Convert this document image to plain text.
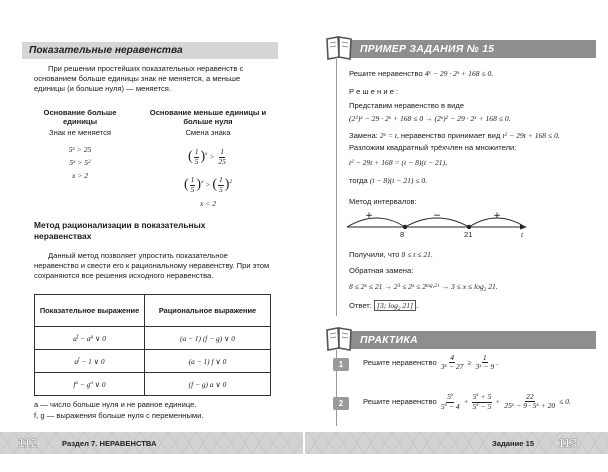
Показательные неравенства

При решении простейших показательных неравенств с основанием больше единицы знак не меняется, а меньше единицы (и больше нуля) — меняется.

Основание больше единицы
Знак не меняется
$5^x > 25$
$5^x > 5^2$
x > 2
Основание меньше единицы и больше нуля
Смена знака
( $\frac{1}{5} )^x > \frac{1}{25}$
( $\frac{1}{5} )^x$ > ( $\frac{1}{5} )^2$
x < 2
Метод рационализации в показательных неравенствах

Данный метод позволяет упростить показательное неравенство и свести его к рациональному неравенству. При этом сохраняются все решения исходного неравенства.

Показательное выражение	Рациональное выражение
$a^f - a^g$ ∨ 0	(a − 1) (f − g) ∨ 0
$a^f - 1$ ∨ 0	(a − 1) f ∨ 0
$f^a - g^a$ ∨ 0	(f − g) a ∨ 0
a — число больше нуля и не равное единице.
f, g — выражения больше нуля с переменными.
ПРИМЕР ЗАДАНИЯ № 15
Решите неравенство $4^x - 29 \cdot 2^x + 168 \le 0$.
Р е ш е н и е :
Представим неравенство в виде
$(2^2)^x - 29 \cdot 2^x + 168 \le 0 \to (2^x)^2 - 29 \cdot 2^x + 168 \le 0$.
Замена: $2^x = t$, неравенство принимает вид $t^2 - 29t + 168 \le 0$.
Разложим квадратный трёхчлен на множители:
$t^2 - 29t + 168 = (t - 8)(t - 21)$,
тогда (t − 8)(t − 21) ≤ 0.
Метод интервалов:
+	−	+
8	21	t
Получили, что 8 ≤ t ≤ 21.
Обратная замена:
$8 \le 2^x \le 21 \to 2^3 \le 2^x \le 2^{log_221} \to 3 \le x \le \log_2 21$.
Ответ: [3; $\log_2 21$] .
ПРАКТИКА
1	Решите неравенство
$\frac{4}{3^x - 27} \ge \frac{1}{3^x - 9}$ .
2	Решите неравенство
$\frac{5^x}{5^x - 4} + \frac{5^x + 5}{5^x - 5} + \frac{22}{25^x - 9 \cdot 5^x + 20} \le 0$.
112	Раздел 7. НЕРАВЕНСТВА	Задание 15 113
